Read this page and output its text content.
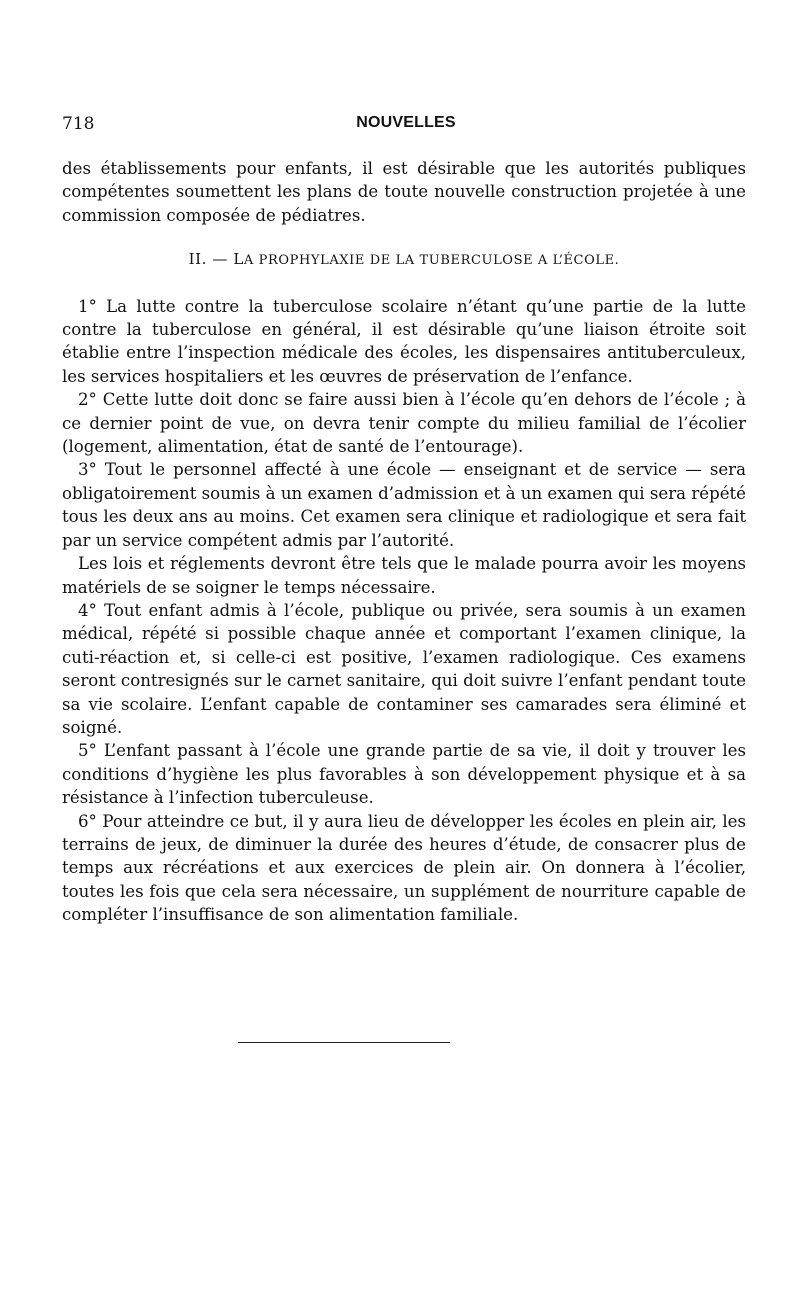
718	NOUVELLES

des établissements pour enfants, il est désirable que les autorités publiques compétentes soumettent les plans de toute nouvelle construction projetée à une commission composée de pédiatres.

II. — LA PROPHYLAXIE DE LA TUBERCULOSE A L’ÉCOLE.

1° La lutte contre la tuberculose scolaire n’étant qu’une partie de la lutte contre la tuberculose en général, il est désirable qu’une liaison étroite soit établie entre l’inspection médicale des écoles, les dispensaires antituberculeux, les services hospitaliers et les œuvres de préservation de l’enfance.

2° Cette lutte doit donc se faire aussi bien à l’école qu’en dehors de l’école ; à ce dernier point de vue, on devra tenir compte du milieu familial de l’écolier (logement, alimentation, état de santé de l’entourage).

3° Tout le personnel affecté à une école — enseignant et de service — sera obligatoirement soumis à un examen d’admission et à un examen qui sera répété tous les deux ans au moins. Cet examen sera clinique et radiologique et sera fait par un service compétent admis par l’autorité.

Les lois et réglements devront être tels que le malade pourra avoir les moyens matériels de se soigner le temps nécessaire.

4° Tout enfant admis à l’école, publique ou privée, sera soumis à un examen médical, répété si possible chaque année et comportant l’examen clinique, la cuti-réaction et, si celle-ci est positive, l’examen radiologique. Ces examens seront contresignés sur le carnet sanitaire, qui doit suivre l’enfant pendant toute sa vie scolaire. L’enfant capable de contaminer ses camarades sera éliminé et soigné.

5° L’enfant passant à l’école une grande partie de sa vie, il doit y trouver les conditions d’hygiène les plus favorables à son développement physique et à sa résistance à l’infection tuberculeuse.

6° Pour atteindre ce but, il y aura lieu de développer les écoles en plein air, les terrains de jeux, de diminuer la durée des heures d’étude, de consacrer plus de temps aux récréations et aux exercices de plein air. On donnera à l’écolier, toutes les fois que cela sera nécessaire, un supplément de nourriture capable de compléter l’insuffisance de son alimentation familiale.
